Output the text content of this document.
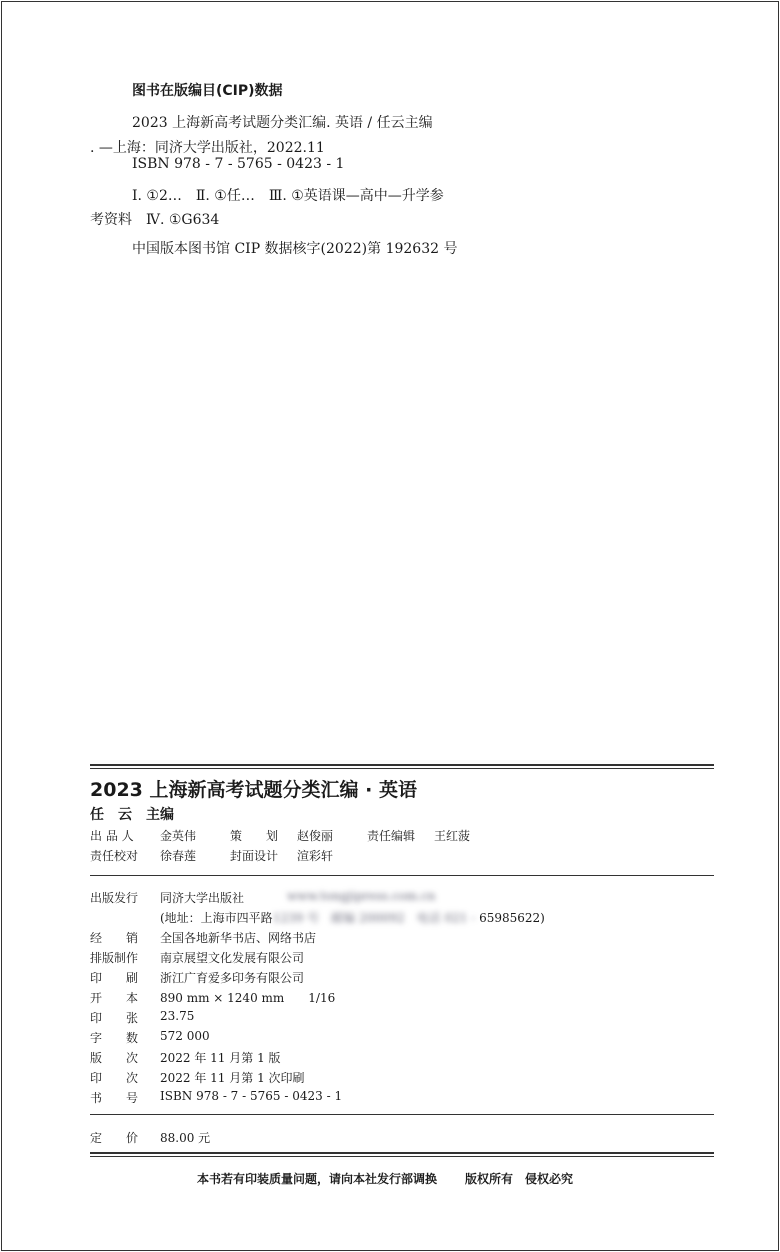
图书在版编目(CIP)数据
2023 上海新高考试题分类汇编. 英语 / 任云主编
. —上海：同济大学出版社，2022.11
ISBN 978 - 7 - 5765 - 0423 - 1
Ⅰ. ①2…　Ⅱ. ①任…　Ⅲ. ①英语课—高中—升学参
考资料　Ⅳ. ①G634
中国版本图书馆 CIP 数据核字(2022)第 192632 号
2023 上海新高考试题分类汇编 · 英语
任　云　主编
出 品 人 金英伟	策　　划 赵俊丽	责任编辑 王红菠
责任校对 徐春莲	封面设计 渲彩轩
出版发行 同济大学出版社	www.tongjipress.com.cn
(地址：上海市四平路1239 号　邮编 200092　电话 021 - 65985622)
经　　销 全国各地新华书店、网络书店
排版制作 南京展望文化发展有限公司
印　　刷 浙江广育爱多印务有限公司
开　　本 890 mm × 1240 mm　　1/16
印　　张 23.75
字　　数 572 000
版　　次 2022 年 11 月第 1 版
印　　次 2022 年 11 月第 1 次印刷
书　　号 ISBN 978 - 7 - 5765 - 0423 - 1
定　　价 88.00 元
本书若有印装质量问题，请向本社发行部调换 版权所有　侵权必究
